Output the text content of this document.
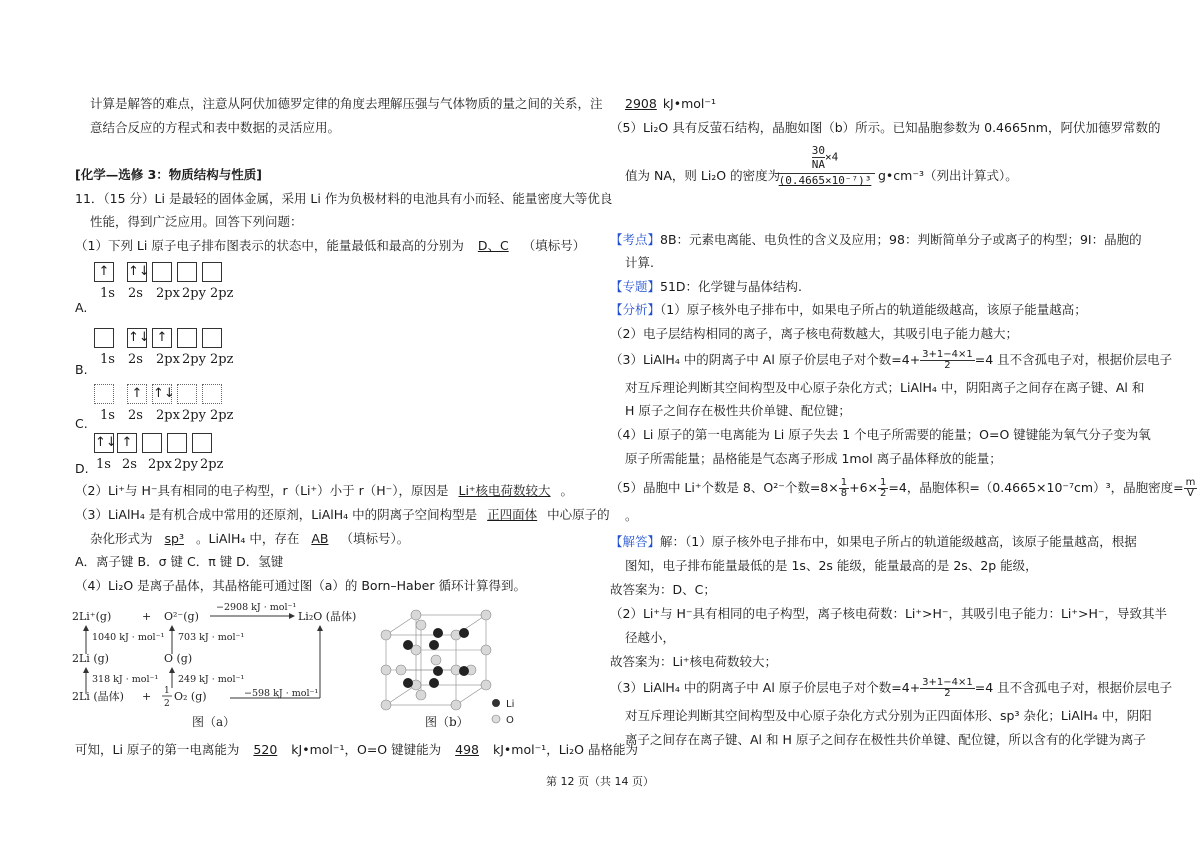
计算是解答的难点，注意从阿伏加德罗定律的角度去理解压强与气体物质的量之间的关系，注
意结合反应的方程式和表中数据的灵活应用。
[化学—选修 3：物质结构与性质]
11．（15 分）Li 是最轻的固体金属，采用 Li 作为负极材料的电池具有小而轻、能量密度大等优良
性能，得到广泛应用。回答下列问题：
（1）下列 Li 原子电子排布图表示的状态中，能量最低和最高的分别为 D、C （填标号）
A.
↑
1s
↑↓
2s 2px 2py 2pz
B.
1s
↑↓
2s
↑
2px 2py 2pz
C.
1s
↑
2s
↑↓
2px 2py 2pz
D.
↑↓
1s
↑
2s 2px 2py 2pz
（2）Li⁺与 H⁻具有相同的电子构型，r（Li⁺）小于 r（H⁻），原因是 Li⁺核电荷数较大 。
（3）LiAlH₄ 是有机合成中常用的还原剂，LiAlH₄ 中的阴离子空间构型是 正四面体 中心原子的
杂化形式为 sp³ 。LiAlH₄ 中，存在 AB （填标号）。
A．离子键 B．σ 键 C．π 键 D．氢键
（4）Li₂O 是离子晶体，其晶格能可通过图（a）的 Born–Haber 循环计算得到。
2Li⁺(g)	+ O²⁻(g)
−2908 kJ · mol⁻¹
Li₂O (晶体)
1040 kJ · mol⁻¹ 703 kJ · mol⁻¹
2Li (g)	O (g)
318 kJ · mol⁻¹ 249 kJ · mol⁻¹
2Li (晶体) + 1
2
O₂ (g)	−598 kJ · mol⁻¹
图（a）
Li
O
图（b）
可知，Li 原子的第一电离能为 520 kJ•mol⁻¹，O=O 键键能为 498 kJ•mol⁻¹，Li₂O 晶格能为
2908 kJ•mol⁻¹
（5）Li₂O 具有反萤石结构，晶胞如图（b）所示。已知晶胞参数为 0.4665nm，阿伏加德罗常数的
值为 NA，则 Li₂O 的密度为
$\frac{30}{NA} \times 4$
(0.4665×10⁻⁷)³ g•cm⁻³（列出计算式）。
【考点】8B：元素电离能、电负性的含义及应用；98：判断简单分子或离子的构型；9I：晶胞的
计算.
【专题】51D：化学键与晶体结构.
【分析】（1）原子核外电子排布中，如果电子所占的轨道能级越高，该原子能量越高；
（2）电子层结构相同的离子，离子核电荷数越大，其吸引电子能力越大；
（3）LiAlH₄ 中的阴离子中 Al 原子价层电子对个数$=4+ \frac{3+1-4\times 1}{2} =4$ 且不含孤电子对，根据价层电子
对互斥理论判断其空间构型及中心原子杂化方式；LiAlH₄ 中，阴阳离子之间存在离子键、Al 和
H 原子之间存在极性共价单键、配位键；
（4）Li 原子的第一电离能为 Li 原子失去 1 个电子所需要的能量；O=O 键键能为氧气分子变为氧
原子所需能量；晶格能是气态离子形成 1mol 离子晶体释放的能量；
（5）晶胞中 Li⁺个数是 8、O²⁻个数$=8\times \frac{1}{8} +6\times \frac{1}{2} =4$，晶胞体积=（0.4665×10⁻⁷cm）³，晶胞密度= $\frac{m}{V}$
。
【解答】解：（1）原子核外电子排布中，如果电子所占的轨道能级越高，该原子能量越高，根据
图知，电子排布能量最低的是 1s、2s 能级，能量最高的是 2s、2p 能级，
故答案为：D、C；
（2）Li⁺与 H⁻具有相同的电子构型，离子核电荷数：Li⁺>H⁻，其吸引电子能力：Li⁺>H⁻，导致其半
径越小，
故答案为：Li⁺核电荷数较大；
（3）LiAlH₄ 中的阴离子中 Al 原子价层电子对个数$=4+ \frac{3+1-4\times 1}{2} =4$ 且不含孤电子对，根据价层电子
对互斥理论判断其空间构型及中心原子杂化方式分别为正四面体形、sp³ 杂化；LiAlH₄ 中，阴阳
离子之间存在离子键、Al 和 H 原子之间存在极性共价单键、配位键，所以含有的化学键为离子
第 12 页（共 14 页）
